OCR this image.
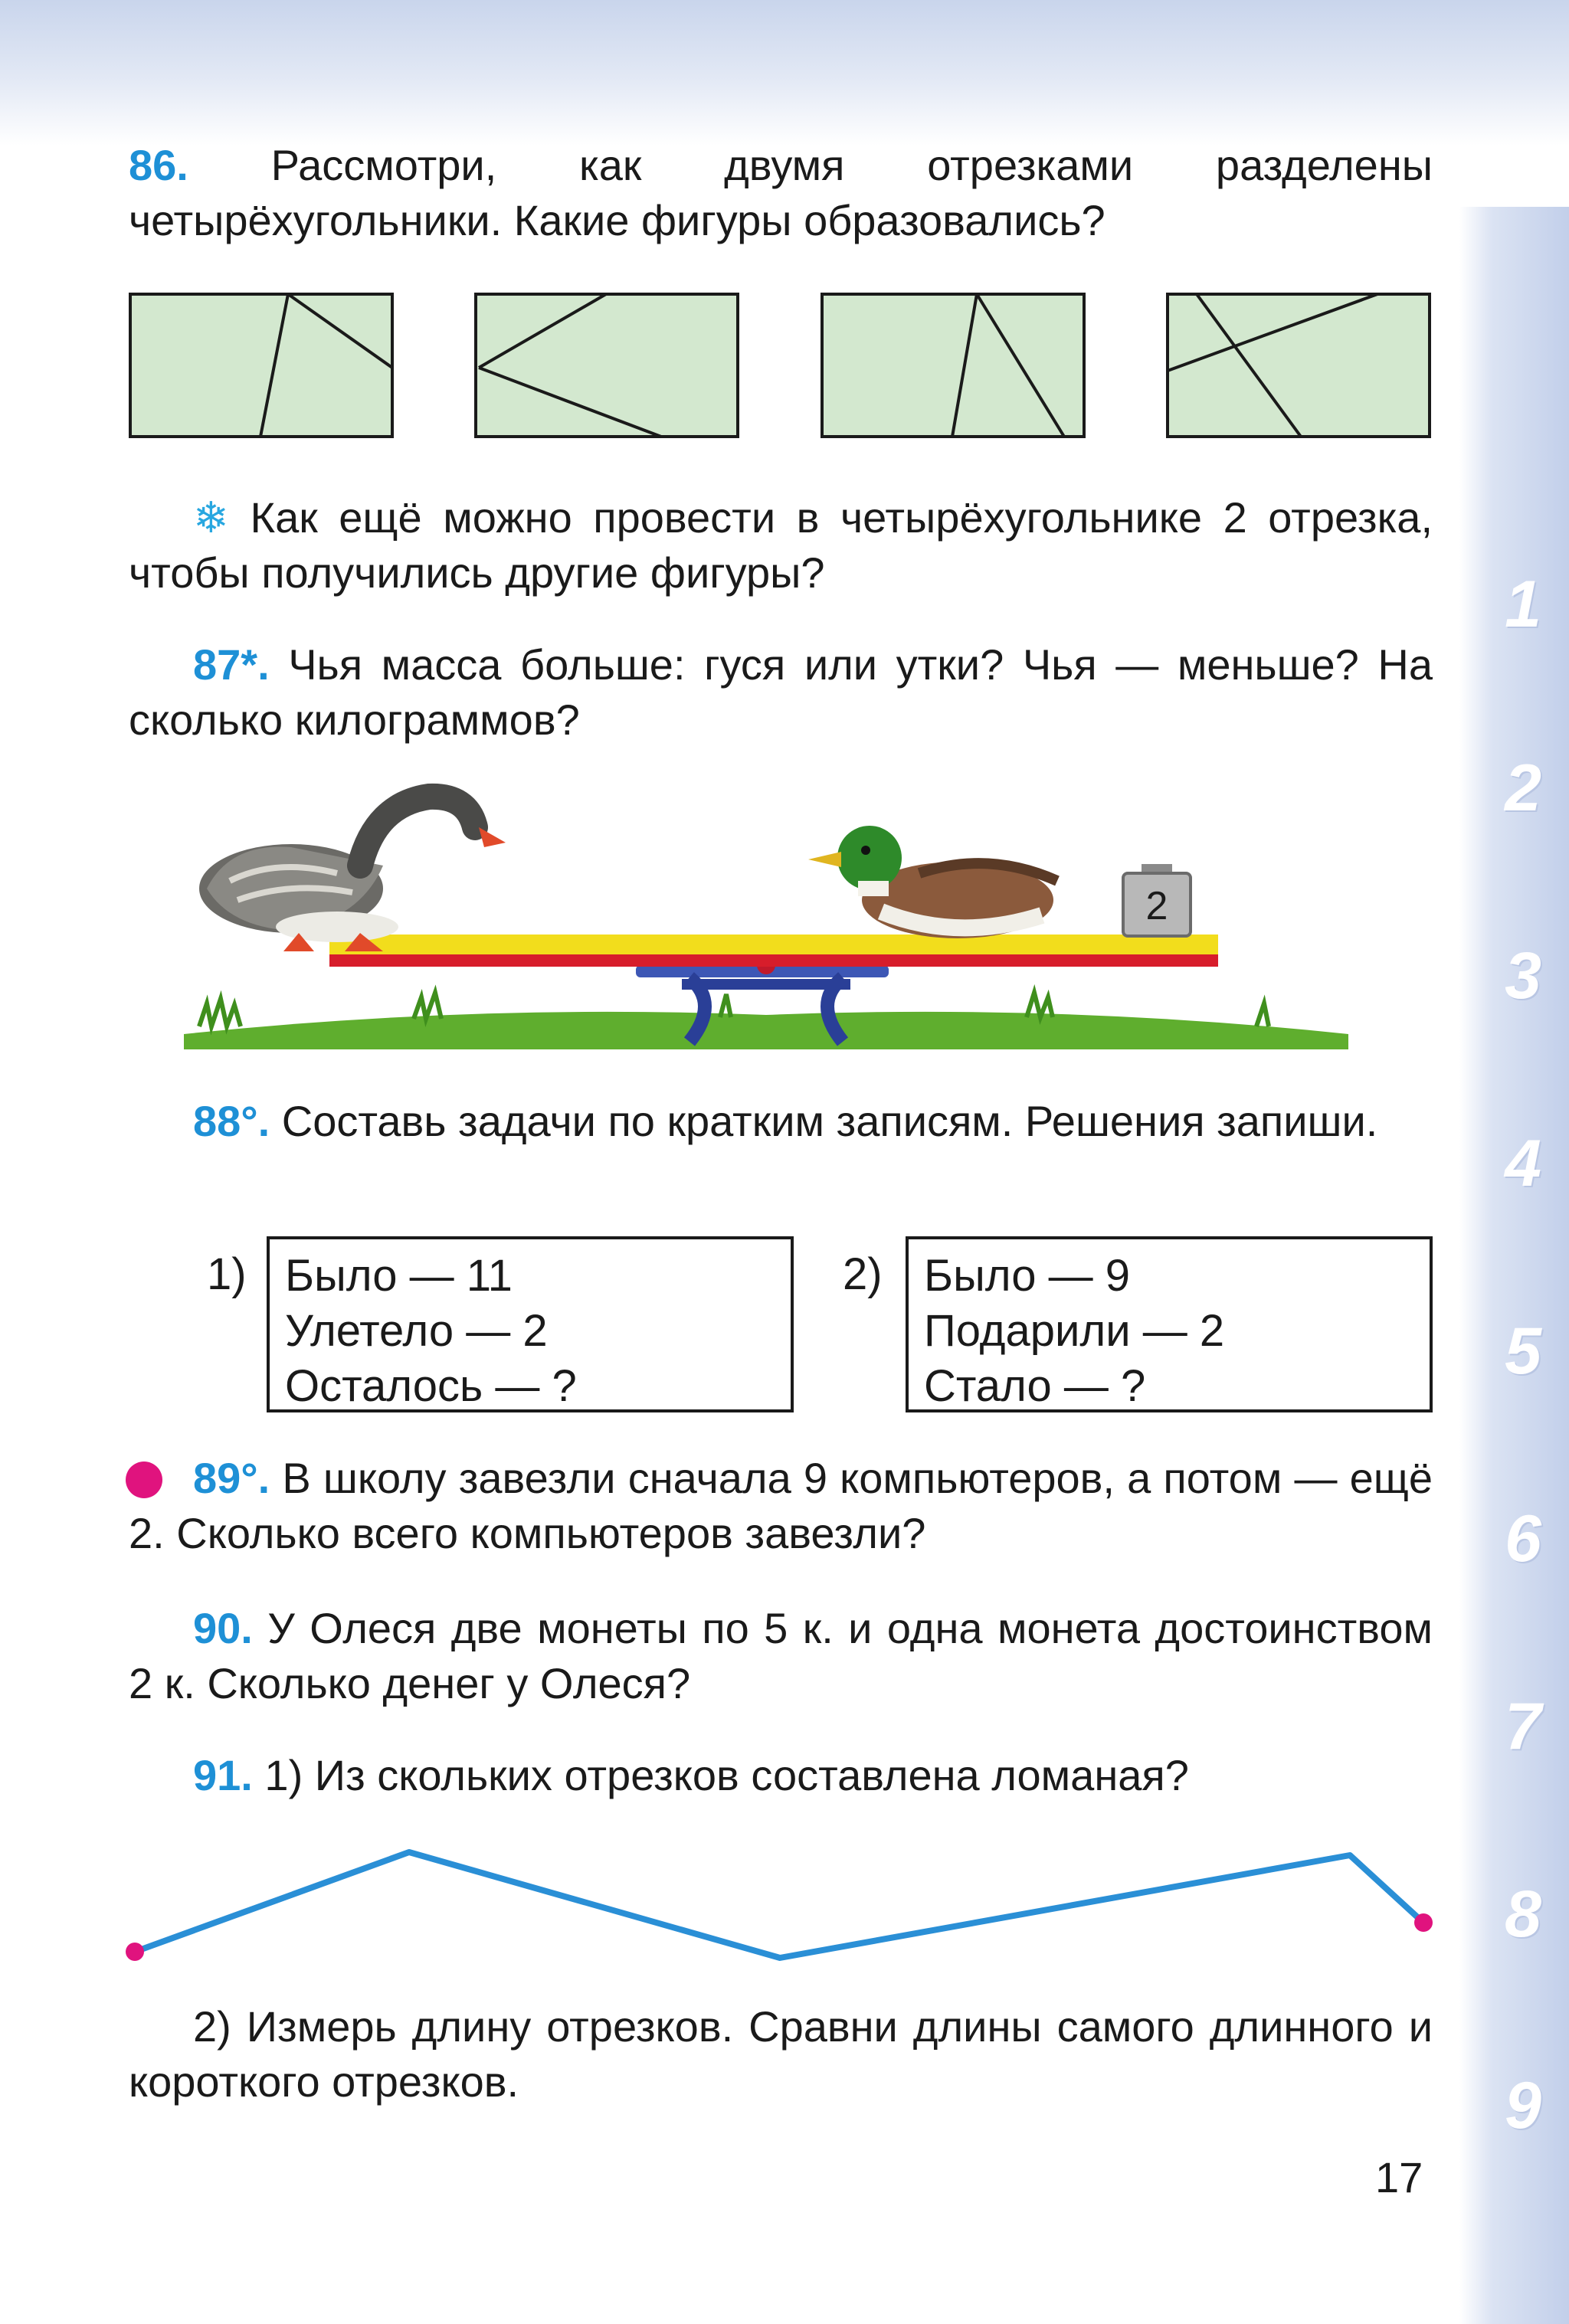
1
2
3
4
5
6
7
8
9
86. Рассмотри, как двумя отрезками разделены четырёхугольники. Какие фигуры образовались?
❄ Как ещё можно провести в четырёхугольнике 2 отрезка, чтобы получились другие фигуры?
87*. Чья масса больше: гуся или утки? Чья — меньше? На сколько килограммов?
2
88°. Составь задачи по кратким записям. Решения запиши.
1) Было — 11
Улетело — 2
Осталось — ?
2) Было — 9
Подарили — 2
Стало — ?
89°. В школу завезли сначала 9 компьютеров, а потом — ещё 2. Сколько всего компьютеров завезли?
90. У Олеся две монеты по 5 к. и одна монета достоинством 2 к. Сколько денег у Олеся?
91. 1) Из скольких отрезков составлена ломаная?
2) Измерь длину отрезков. Сравни длины самого длинного и короткого отрезков.
17
